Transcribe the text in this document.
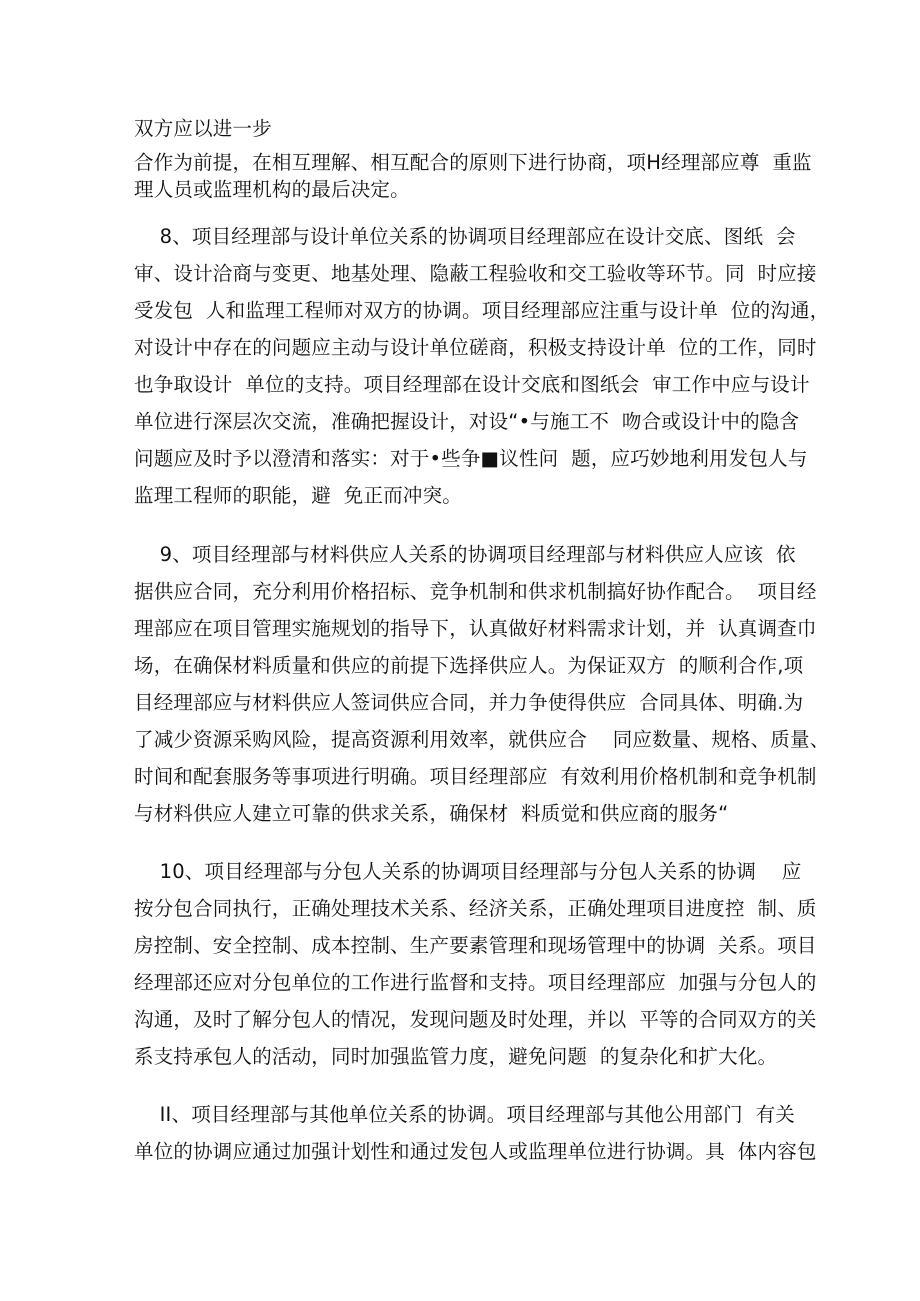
双方应以进一步
合作为前提，在相互理解、相互配合的原则下进行协商，项H经理部应尊  重监
理人员或监理机构的最后决定。
8、项目经理部与设计单位关系的协调项目经理部应在设计交底、图纸  会
审、设计洽商与变更、地基处理、隐蔽工程验收和交工验收等环节。同  时应接
受发包  人和监理工程师对双方的协调。项目经理部应注重与设计单  位的沟通，
对设计中存在的问题应主动与设计单位磋商，积极支持设计单  位的工作，同时
也争取设计  单位的支持。项目经理部在设计交底和图纸会  审工作中应与设计
单位进行深层次交流，准确把握设计，对设“•与施工不  吻合或设计中的隐含
问题应及时予以澄清和落实：对于•些争■议性问  题，应巧妙地利用发包人与
监理工程师的职能，避  免正而冲突。
9、项目经理部与材料供应人关系的协调项目经理部与材料供应人应该  依
据供应合同，充分利用价格招标、竞争机制和供求机制搞好协作配合。  项目经
理部应在项目管理实施规划的指导下，认真做好材料需求计划，并  认真调查巾
场，在确保材料质量和供应的前提下选择供应人。为保证双方  的顺利合作,项
目经理部应与材料供应人签词供应合同，并力争使得供应  合同具体、明确.为
了减少资源采购风险，提高资源利用效率，就供应合    同应数量、规格、质量、
时间和配套服务等事项进行明确。项目经理部应  有效利用价格机制和竞争机制
与材料供应人建立可靠的供求关系，确保材  料质觉和供应商的服务“
10、项目经理部与分包人关系的协调项目经理部与分包人关系的协调    应
按分包合同执行，正确处理技术关系、经济关系，正确处理项目进度控  制、质
房控制、安全控制、成本控制、生产要素管理和现场管理中的协调  关系。项目
经理部还应对分包单位的工作进行监督和支持。项目经理部应  加强与分包人的
沟通，及时了解分包人的情况，发现问题及时处理，并以  平等的合同双方的关
系支持承包人的活动，同时加强监管力度，避免问题  的复杂化和扩大化。
II、项目经理部与其他单位关系的协调。项目经理部与其他公用部门  有关
单位的协调应通过加强计划性和通过发包人或监理单位进行协调。具  体内容包
